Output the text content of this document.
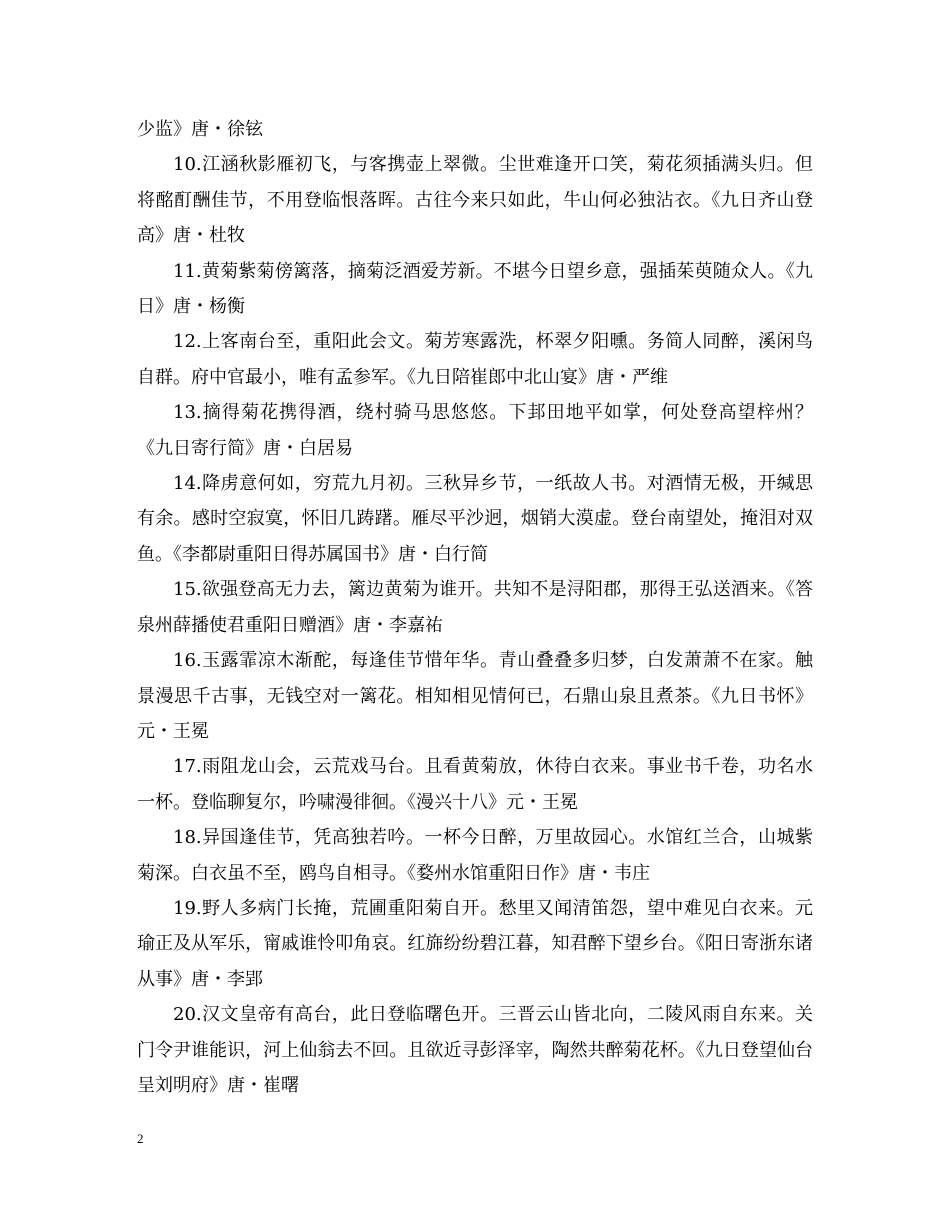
少监》唐・徐铉

10.江涵秋影雁初飞，与客携壶上翠微。尘世难逢开口笑，菊花须插满头归。但将酩酊酬佳节，不用登临恨落晖。古往今来只如此，牛山何必独沾衣。《九日齐山登高》唐・杜牧

11.黄菊紫菊傍篱落，摘菊泛酒爱芳新。不堪今日望乡意，强插茱萸随众人。《九日》唐・杨衡

12.上客南台至，重阳此会文。菊芳寒露洗，杯翠夕阳曛。务简人同醉，溪闲鸟自群。府中官最小，唯有孟参军。《九日陪崔郎中北山宴》唐・严维

13.摘得菊花携得酒，绕村骑马思悠悠。下邽田地平如掌，何处登高望梓州？《九日寄行简》唐・白居易

14.降虏意何如，穷荒九月初。三秋异乡节，一纸故人书。对酒情无极，开缄思有余。感时空寂寞，怀旧几踌躇。雁尽平沙迥，烟销大漠虚。登台南望处，掩泪对双鱼。《李都尉重阳日得苏属国书》唐・白行简

15.欲强登高无力去，篱边黄菊为谁开。共知不是浔阳郡，那得王弘送酒来。《答泉州薛播使君重阳日赠酒》唐・李嘉祐

16.玉露霏凉木渐酡，每逢佳节惜年华。青山叠叠多归梦，白发萧萧不在家。触景漫思千古事，无钱空对一篱花。相知相见情何已，石鼎山泉且煮茶。《九日书怀》元・王冕

17.雨阻龙山会，云荒戏马台。且看黄菊放，休待白衣来。事业书千卷，功名水一杯。登临聊复尔，吟啸漫徘徊。《漫兴十八》元・王冕

18.异国逢佳节，凭高独若吟。一杯今日醉，万里故园心。水馆红兰合，山城紫菊深。白衣虽不至，鸥鸟自相寻。《婺州水馆重阳日作》唐・韦庄

19.野人多病门长掩，荒圃重阳菊自开。愁里又闻清笛怨，望中难见白衣来。元瑜正及从军乐，甯戚谁怜叩角哀。红旆纷纷碧江暮，知君醉下望乡台。《阳日寄浙东诸从事》唐・李郢

20.汉文皇帝有高台，此日登临曙色开。三晋云山皆北向，二陵风雨自东来。关门令尹谁能识，河上仙翁去不回。且欲近寻彭泽宰，陶然共醉菊花杯。《九日登望仙台呈刘明府》唐・崔曙

2
